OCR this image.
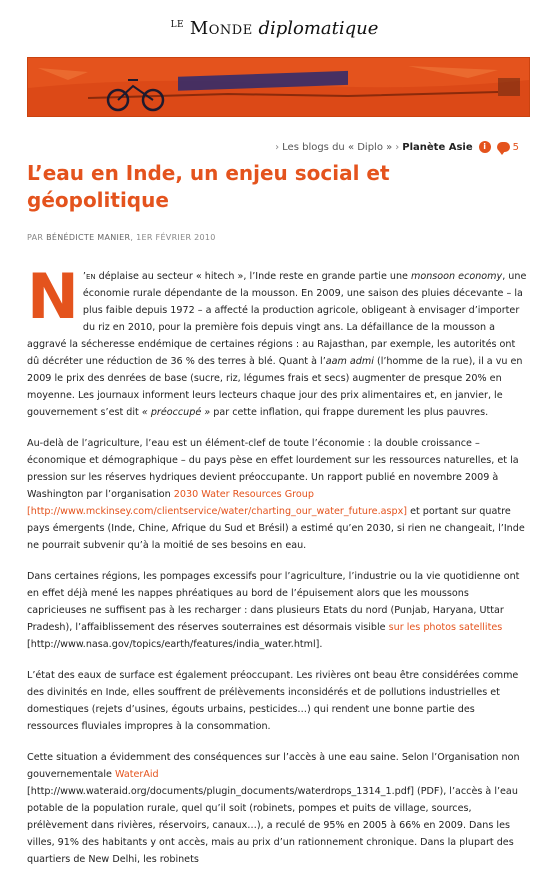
$^{LE}$ Monde diplomatique
› Les blogs du « Diplo » › Planète Asie	i	5
L’eau en Inde, un enjeu social et géopolitique
PAR BÉNÉDICTE MANIER, 1ER FÉVRIER 2010

N ’en déplaise au secteur « hitech », l’Inde reste en grande partie une monsoon economy, une économie rurale dépendante de la mousson. En 2009, une saison des pluies décevante – la plus faible depuis 1972 – a affecté la production agricole, obligeant à envisager d’importer du riz en 2010, pour la première fois depuis vingt ans. La défaillance de la mousson a aggravé la sécheresse endémique de certaines régions : au Rajasthan, par exemple, les autorités ont dû décréter une réduction de 36 % des terres à blé. Quant à l’aam admi (l’homme de la rue), il a vu en 2009 le prix des denrées de base (sucre, riz, légumes frais et secs) augmenter de presque 20% en moyenne. Les journaux informent leurs lecteurs chaque jour des prix alimentaires et, en janvier, le gouvernement s’est dit « préoccupé » par cette inflation, qui frappe durement les plus pauvres.

Au-delà de l’agriculture, l’eau est un élément-clef de toute l’économie : la double croissance – économique et démographique – du pays pèse en effet lourdement sur les ressources naturelles, et la pression sur les réserves hydriques devient préoccupante. Un rapport publié en novembre 2009 à Washington par l’organisation 2030 Water Resources Group [http://www.mckinsey.com/clientservice/water/charting_our_water_future.aspx] et portant sur quatre pays émergents (Inde, Chine, Afrique du Sud et Brésil) a estimé qu’en 2030, si rien ne changeait, l’Inde ne pourrait subvenir qu’à la moitié de ses besoins en eau.

Dans certaines régions, les pompages excessifs pour l’agriculture, l’industrie ou la vie quotidienne ont en effet déjà mené les nappes phréatiques au bord de l’épuisement alors que les moussons capricieuses ne suffisent pas à les recharger : dans plusieurs Etats du nord (Punjab, Haryana, Uttar Pradesh), l’affaiblissement des réserves souterraines est désormais visible sur les photos satellites [http://www.nasa.gov/topics/earth/features/india_water.html].

L’état des eaux de surface est également préoccupant. Les rivières ont beau être considérées comme des divinités en Inde, elles souffrent de prélèvements inconsidérés et de pollutions industrielles et domestiques (rejets d’usines, égouts urbains, pesticides…) qui rendent une bonne partie des ressources fluviales impropres à la consommation.

Cette situation a évidemment des conséquences sur l’accès à une eau saine. Selon l’Organisation non gouvernementale WaterAid [http://www.wateraid.org/documents/plugin_documents/waterdrops_1314_1.pdf] (PDF), l’accès à l’eau potable de la population rurale, quel qu’il soit (robinets, pompes et puits de village, sources, prélèvement dans rivières, réservoirs, canaux…), a reculé de 95% en 2005 à 66% en 2009. Dans les villes, 91% des habitants y ont accès, mais au prix d’un rationnement chronique. Dans la plupart des quartiers de New Delhi, les robinets
